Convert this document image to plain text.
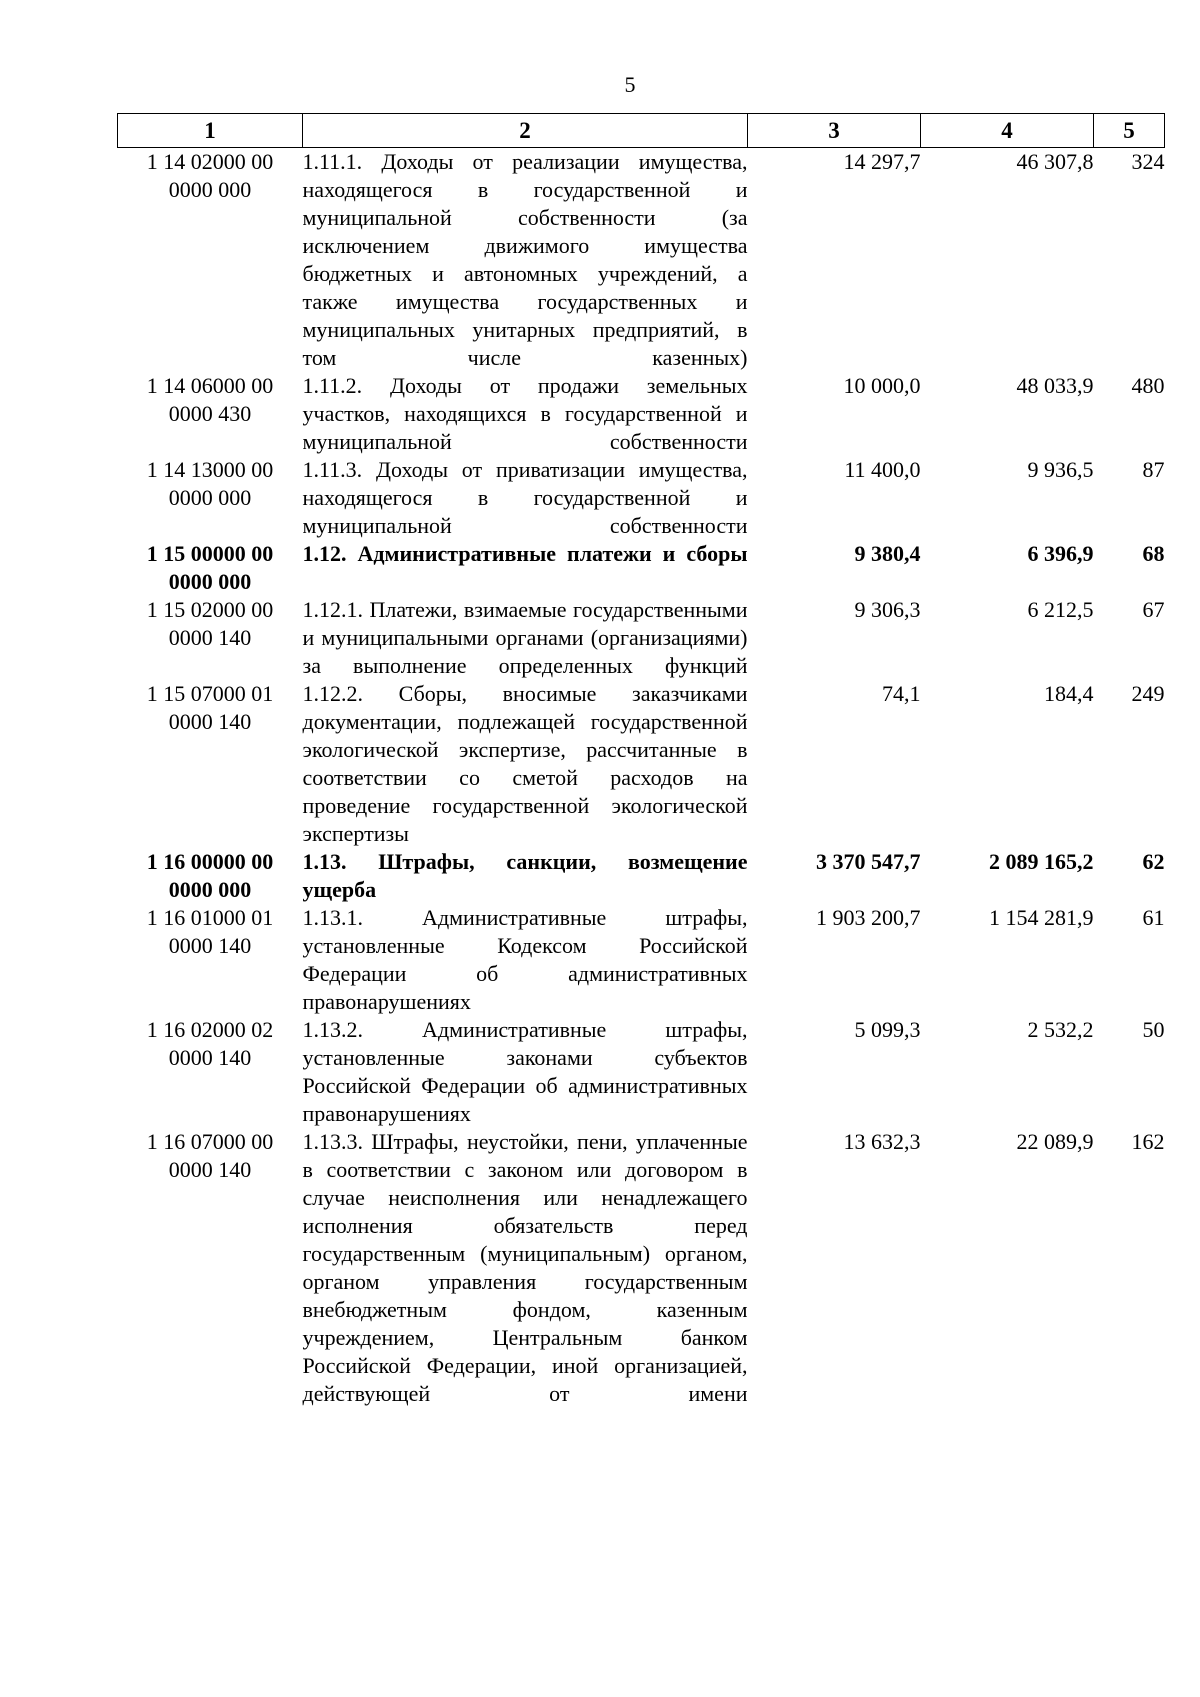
5
1	2	3	4	5
1 14 02000 00
0000 000	1.11.1. Доходы от реализации имущества, находящегося в государственной и муниципальной собственности (за исключением движимого имущества бюджетных и автономных учреждений, а также имущества государственных и муниципальных унитарных предприятий, в том числе казенных)	14 297,7	46 307,8	324
1 14 06000 00
0000 430	1.11.2. Доходы от продажи земельных участков, находящихся в государственной и муниципальной собственности	10 000,0	48 033,9	480
1 14 13000 00
0000 000	1.11.3. Доходы от приватизации имущества, находящегося в государственной и муниципальной собственности	11 400,0	9 936,5	87
1 15 00000 00
0000 000	1.12. Административные платежи и сборы	9 380,4	6 396,9	68
1 15 02000 00
0000 140	1.12.1. Платежи, взимаемые государственными и муниципальными органами (организациями) за выполнение определенных функций	9 306,3	6 212,5	67
1 15 07000 01
0000 140	1.12.2. Сборы, вносимые заказчиками документации, подлежащей государственной экологической экспертизе, рассчитанные в соответствии со сметой расходов на проведение государственной экологической экспертизы	74,1	184,4	249
1 16 00000 00
0000 000	1.13. Штрафы, санкции, возмещение ущерба	3 370 547,7	2 089 165,2	62
1 16 01000 01
0000 140	1.13.1. Административные штрафы, установленные Кодексом Российской Федерации об административных правонарушениях	1 903 200,7	1 154 281,9	61
1 16 02000 02
0000 140	1.13.2. Административные штрафы, установленные законами субъектов Российской Федерации об административных правонарушениях	5 099,3	2 532,2	50
1 16 07000 00
0000 140	1.13.3. Штрафы, неустойки, пени, уплаченные в соответствии с законом или договором в случае неисполнения или ненадлежащего исполнения обязательств перед государственным (муниципальным) органом, органом управления государственным внебюджетным фондом, казенным учреждением, Центральным банком Российской Федерации, иной организацией, действующей от имени	13 632,3	22 089,9	162
